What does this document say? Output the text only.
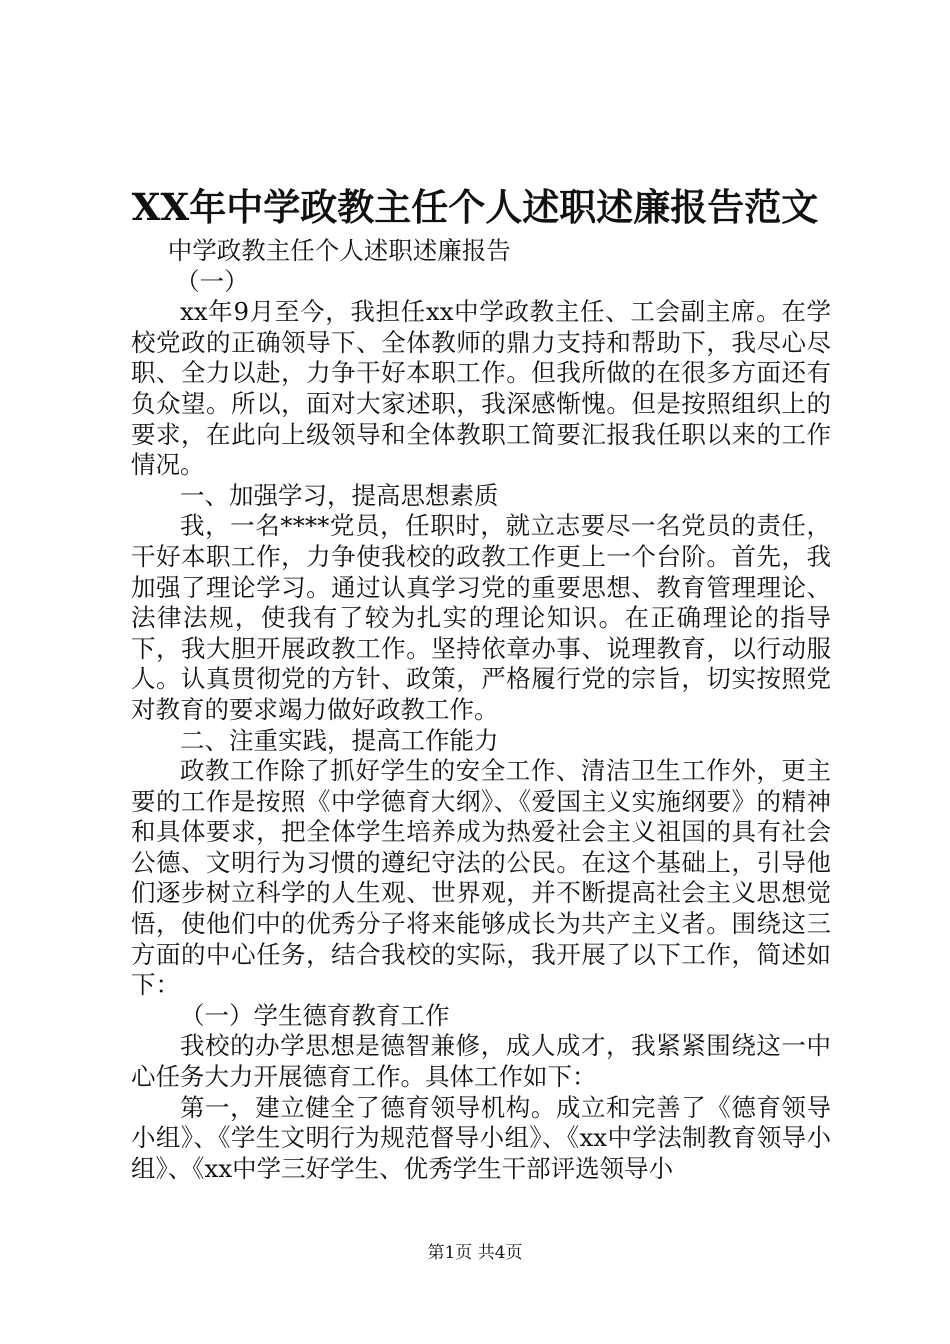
XX年中学政教主任个人述职述廉报告范文

中学政教主任个人述职述廉报告

（一）

xx年9月至今，我担任xx中学政教主任、工会副主席。在学校党政的正确领导下、全体教师的鼎力支持和帮助下，我尽心尽职、全力以赴，力争干好本职工作。但我所做的在很多方面还有负众望。所以，面对大家述职，我深感惭愧。但是按照组织上的要求，在此向上级领导和全体教职工简要汇报我任职以来的工作情况。

一、加强学习，提高思想素质

我，一名****党员，任职时，就立志要尽一名党员的责任，干好本职工作，力争使我校的政教工作更上一个台阶。首先，我加强了理论学习。通过认真学习党的重要思想、教育管理理论、法律法规，使我有了较为扎实的理论知识。在正确理论的指导下，我大胆开展政教工作。坚持依章办事、说理教育，以行动服人。认真贯彻党的方针、政策，严格履行党的宗旨，切实按照党对教育的要求竭力做好政教工作。

二、注重实践，提高工作能力

政教工作除了抓好学生的安全工作、清洁卫生工作外，更主要的工作是按照《中学德育大纲》、《爱国主义实施纲要》的精神和具体要求，把全体学生培养成为热爱社会主义祖国的具有社会公德、文明行为习惯的遵纪守法的公民。在这个基础上，引导他们逐步树立科学的人生观、世界观，并不断提高社会主义思想觉悟，使他们中的优秀分子将来能够成长为共产主义者。围绕这三方面的中心任务，结合我校的实际，我开展了以下工作，简述如下：

（一）学生德育教育工作

我校的办学思想是德智兼修，成人成才，我紧紧围绕这一中心任务大力开展德育工作。具体工作如下：

第一，建立健全了德育领导机构。成立和完善了《德育领导小组》、《学生文明行为规范督导小组》、《xx中学法制教育领导小组》、《xx中学三好学生、优秀学生干部评选领导小

第1页 共4页
